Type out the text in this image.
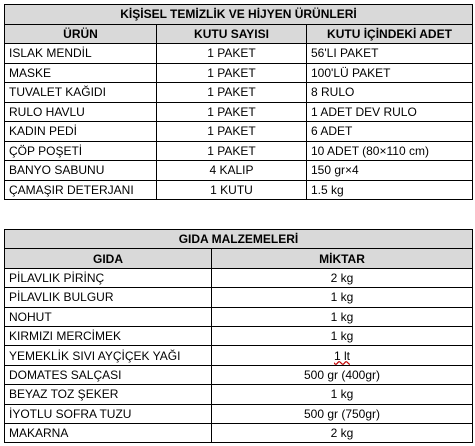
KİŞİSEL TEMİZLİK VE HİJYEN ÜRÜNLERİ		
ÜRÜN	KUTU SAYISI	KUTU İÇİNDEKİ ADET
ISLAK MENDİL	1 PAKET	56'LI PAKET
MASKE	1 PAKET	100'LÜ PAKET
TUVALET KAĞIDI	1 PAKET	8 RULO
RULO HAVLU	1 PAKET	1 ADET DEV RULO
KADIN PEDİ	1 PAKET	6 ADET
ÇÖP POŞETİ	1 PAKET	10 ADET (80×110 cm)
BANYO SABUNU	4 KALIP	150 gr×4
ÇAMAŞIR DETERJANI	1 KUTU	1.5 kg
GIDA MALZEMELERİ	
GIDA	MİKTAR
PİLAVLIK PİRİNÇ	2 kg
PİLAVLIK BULGUR	1 kg
NOHUT	1 kg
KIRMIZI MERCİMEK	1 kg
YEMEKLİK SIVI AYÇİÇEK YAĞI	1 lt
DOMATES SALÇASI	500 gr (400gr)
BEYAZ TOZ ŞEKER	1 kg
İYOTLU SOFRA TUZU	500 gr (750gr)
MAKARNA	2 kg
